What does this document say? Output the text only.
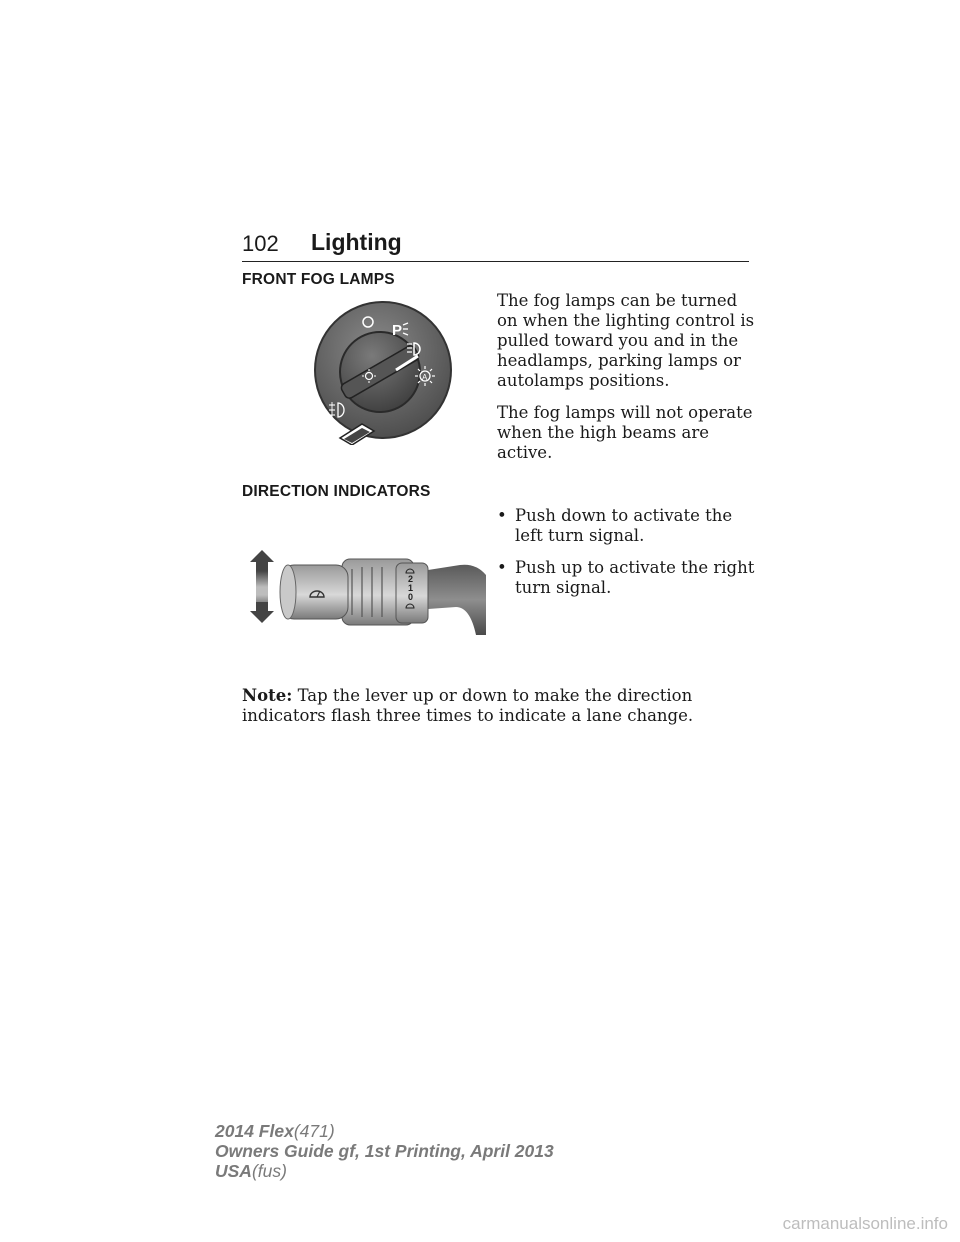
102 Lighting
FRONT FOG LAMPS
P
A

The fog lamps can be turned on when the lighting control is pulled toward you and in the headlamps, parking lamps or autolamps positions.

The fog lamps will not operate when the high beams are active.

DIRECTION INDICATORS
2
1
0
• Push down to activate the left turn signal.
• Push up to activate the right turn signal.
Note: Tap the lever up or down to make the direction indicators flash three times to indicate a lane change.
2014 Flex(471)
Owners Guide gf, 1st Printing, April 2013
USA(fus)
carmanualsonline.info
